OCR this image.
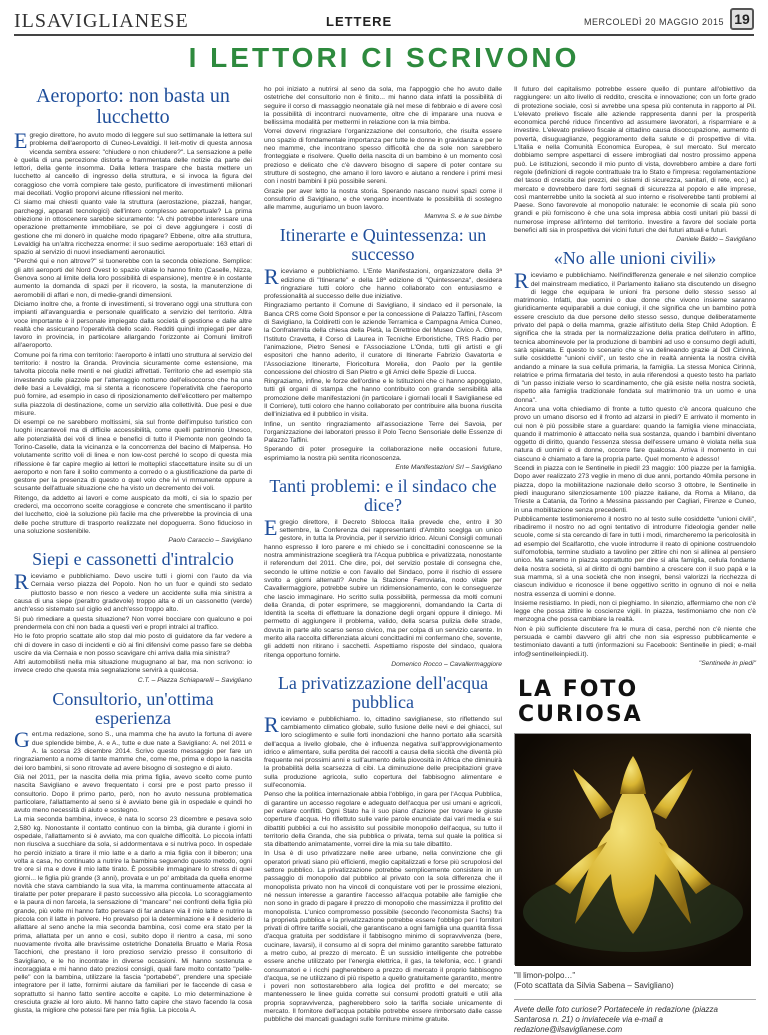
ILSAVIGLIANESE	LETTERE	MERCOLEDÌ 20 MAGGIO 2015 19
I LETTORI CI SCRIVONO
Aeroporto: non basta un lucchetto

Egregio direttore, ho avuto modo di leggere sul suo settimanale la lettera sul problema dell'aeroporto di Cuneo-Levaldigi. Il leit-motiv di questa annosa vicenda sembra essere: "chiudere o non chiudere?". La sensazione a pelle è quella di una percezione distorta e frammentata delle notizie da parte dei lettori, della gente insomma. Dalla lettera traspare che basta mettere un lucchetto al cancello di ingresso della struttura, e si invoca la figura del coraggioso che vorrà compiere tale gesto, purificatore di investimenti milionari mai decollati. Voglio proporvi alcune riflessioni nel merito.

Ci siamo mai chiesti quanto vale la struttura (aerostazione, piazzali, hangar, parcheggi, apparati tecnologici) dell'intero complesso aeroportuale? La prima obiezione in ottoscenere sarebbe sicuramente: "A chi potrebbe interessare una operazione prettamente immobiliare, se poi ci deve aggiungere i costi di gestione che mi donerò in qualche modo ripagare? Ebbene, oltre alla struttura, Levaldigi ha un'altra ricchezza enorme: il suo sedime aeroportuale: 163 ettari di spazio al servizio di nuovi insediamenti aeronautici.

"Perché qui e non altrove?" si tuonerebbe con la seconda obiezione. Semplice: gli altri aeroporti del Nord Ovest lo spazio vitale lo hanno finito (Caselle, Nizza, Genova sono al limite della loro possibilità di espansione), mentre è in costante aumento la domanda di spazi per il ricovero, la sosta, la manutenzione di aeromobili di affari e non, di medie-grandi dimensioni.

Diciamo inoltre che, a fronte di investimenti, si troverano oggi una struttura con impianti all'avanguardia e personale qualificato a servizio del territorio. Altra voce importante è il personale impiegato dalla società di gestione e dalle altre realtà che assicurano l'operatività dello scalo. Redditi quindi impiegati per dare lavoro in provincia, in particolare allargando l'orizzonte ai Comuni limitrofi all'aeroporto.

Comune poi fa rima con territorio: l'aeroporto è infatti uno struttura al servizio del territorio: il nostro la Granda. Provincia sicuramente come estensione, ma talvolta piccola nelle menti e nei giudizi affrettati. Territorio che ad esempio sta investendo sulle piazzole per l'atterraggio notturno dell'elisoccorso che ha una delle basi a Levaldigi, ma si stenta a riconoscere l'operatività che l'aeroporto può fornire, ad esempio in caso di riposizionamento dell'elicottero per maltempo sulla piazzola di destinazione, come un servizio alla collettività. Due pesi e due misure.

Di esempi ce ne sarebbero moltissimi, sia sul fronte dell'impulso turistico con luoghi incantevoli ma di difficile accessibilità, come quelli patrimonio Unesco, alle potenzialità dei voli di linea e benefici di tutto il Piemonte non geolndo fa Torino-Caselle, data la vicinanza e la concorrenza del bacino di Malpensa. Ho volutamente scritto voli di linea e non low-cost perché lo scopo di questa mia riflessione è far capire meglio ai lettori le molteplici sfaccettature insite su di un aeroporto e non fare il solito commento a corredo o a giustificazione da parte di gestore per la presenza di questo o quel volo che ivi vi mmunente oppure a scusante dell'attuale situazione che ha visto un decremento dei voli.

Ritengo, da addetto ai lavori e come auspicato da molti, ci sia lo spazio per crederci, ma occorrono scelte coraggiose e concrete che smentiscano il partito del lucchetto, cioè la soluzione più facile ma che priverebbe la provincia di una delle poche strutture di trasporto realizzate nel dopoguerra. Sono fiducioso in una soluzione sostenibile.

Paolo Caraccio – Savigliano
Siepi e cassonetti d'intralcio

Riceviamo e pubblichiamo. Devo uscire tutti i giorni con l'auto da via Cernaia verso piazza del Popolo. Non ho un fuor e quindi sto sedato piuttosto basso e non riesco a vedere un accidente sulla mia sinistra a causa di una siepe (peraltro gradevole) troppo alta e di un cassonetto (verde) anch'esso sistemato sul ciglio ed anch'esso troppo alto.

Si può rimediare a questa situazione? Non vorrei bocciare con qualcuno e poi prendermela con chi non bada a questi veri e propri intralci al traffico.

Ho le foto proprio scattate allo stop dal mio posto di guidatore da far vedere a chi di dovere in caso di incidenti e ciò ai fini difensivi come passo fare se debba uscire da via Cernaia e non posso scavigare chi arriva dalla mia sinistra?

Altri automobilisti nella mia situazione mugugnano al bar, ma non scrivono: io invece credo che questa mia segnalazione servirà a qualcosa.

C.T. – Piazza Schiaparelli – Savigliano
Consultorio, un'ottima esperienza

Gent.ma redazione, sono S., una mamma che ha avuto la fortuna di avere due splendide bimbe, A. e A., tutte e due nate a Savigliano: A. nel 2011 e A. la scorsa 23 dicembre 2014. Scrivo questo messaggio per fare un ringraziamento a nome di tante mamme che, come me, prima e dopo la nascita dei loro bambini, si sono ritrovate ad avere bisogno di sostegno e di aiuto.

Già nel 2011, per la nascita della mia prima figlia, avevo scelto come punto nascita Savigliano e avevo frequentato i corsi pre e post parto presso il consultorio. Dopo il primo parto, però, non ho avuto nessuna problematica particolare, l'allattamento al seno si è avviato bene già in ospedale e quindi ho avuto meno necessità di aiuto e sostegno.

La mia seconda bambina, invece, è nata lo scorso 23 dicembre e pesava solo 2,580 kg. Nonostante il contatto continuo con la bimba, già durante i giorni in ospedale, l'allattamento si è avviato, ma con qualche difficoltà. Lo piccola infatti non riusciva a succhiare da sola, si addormentava e si nutriva poco. In ospedale ho perciò iniziato a tirare il mio latte e a darlo a mia figlia con il biberon; una volta a casa, ho continuato a nutrire la bambina seguendo questo metodo, ogni tre ore sì ma e dove il mio latte tirato. È possibile immaginare lo stress di quei giorni... le figlia più grande (3 anni), provata e un po' ambitada da quella enorme novità che stava cambiando la sua vita, la mamma continuamente attaccata al tiralatte per poter preparare il pasto successivo alla piccola. Lo scoraggiamento e la paura di non farcela, la sensazione di "mancare" nei confronti della figlia più grande, più volte mi hanno fatto pensare di far andare via il mio latte e nutrire la piccola con il latte in polvere. Ho prevalso poi la determinazione e il desiderio di allattare al seno anche la mia seconda bambina, così come era stato per la prima, allattata per un anno e così, subito dopo il rientro a casa, mi sono nuovamente rivolta alle bravissime ostetriche Donatella Bruatto e Maria Rosa Tacchioni, che prestano il loro prezioso servizio presso il consultorio di Savigliano, e le ho incontrate in diverse occasioni. Mi hanno sostenuta e incoraggiata e mi hanno dato preziosi consigli, quali fare molto contatto "pelle-pelle" con la bambina, utilizzare la fascia "portabebé", prendere una speciale integratore per il latte, fornirmi aiutare da familiari per le faccende di casa e soprattutto si hanno fatto sentire accolte e capite. Lo mio determinazione è cresciuta grazie al loro aiuto. Mi hanno fatto capire che stavo facendo la cosa giusta, la migliore che potessi fare per mia figlia. La piccola A.

ho poi iniziato a nutrirsi al seno da sola, ma l'appoggio che ho avuto dalle ostetriche del consultorio non è finito... mi hanno data infatti la possibilità di seguire il corso di massaggio neonatale già nel mese di febbraio e di avere così la possibilità di incontrarci nuovamente, oltre che di imparare una nuova e bellissima modalità per mettermi in relazione con la mia bimba.

Vorrei dovervi ringraziare l'organizzazione del consultorio, che risulta essere uno spazio di fondamentale importanza per tutte le donne in gravidanza e per le neo mamme, che incontrano spesso difficoltà che da sole non sarebbero fronteggiate e risolvere. Quello della nascita di un bambino è un momento così prezioso e delicato che c'è davvero bisogno di sapere di poter contare su strutture di sostegno, che amano il loro lavoro e aiutano a rendere i primi mesi con i nostri bambini il più possibile sereni.

Grazie per aver letto la nostra storia. Sperando nascano nuovi spazi come il consultorio di Savigliano, e che vengano incentivate le possibilità di sostegno alle mamme, auguriamo un buon lavoro.

Mamma S. e le sue bimbe
Itinerarte e Quintessenza: un successo

Riceviamo e pubblichiamo. L'Ente Manifestazioni, organizzatore della 3ª edizione di "Itinerarte" e della 18ª edizione di "Quintessenza", desidera ringraziare tutti coloro che hanno collaborato con entusiasmo e professionalità al successo delle due iniziative.

Ringraziamo pertanto il Comune di Savigliano, il sindaco ed il personale, la Banca CRS come Gold Sponsor e per la concessione di Palazzo Taffini, l'Ascom di Savigliano, la Coldiretti con le aziende Terramica e Campagna Amica Cuneo, la Confraternita della chiesa della Pietà, la Direttrice del Museo Civico A. Olmo, l'Istituto Cravetta, il Corso di Laurea in Tecniche Erboristiche, TRS Radio per l'animazione, Pietro Senesi e l'Associazione L'Onda, tutti gli artisti e gli espositori che hanno aderito, il curatore di Itinerarte Fabrizio Gavatorta e l'Associazione Itinerarte, Floricoltura Morelia, don Paolo per la gentile concessione del chiostro di San Pietro e gli Amici delle Spezie di Lucca.

Ringraziamo, infine, le forze dell'ordine e le Istituzioni che ci hanno appoggiato, tutti gli organi di stampa che hanno contribuito con grande sensibilità alla promozione delle manifestazioni (in particolare i giornali locali Il Saviglianese ed Il Corriere), tutti coloro che hanno collaborato per contribuire alla buona riuscita dell'iniziativa ed il pubblico in visita.

Infine, un sentito ringraziamento all'associazione Terre dei Savoia, per l'organizzazione dei laboratori presso il Polo Tecno Sensoriale delle Essenze di Palazzo Taffini.

Sperando di poter proseguire la collaborazione nelle occasioni future, esprimiamo la nostra più sentita riconoscenza.

Ente Manifestazioni Srl – Savigliano
Tanti problemi: e il sindaco che dice?

Egregio direttore, il Decreto Sblocca Italia prevede che, entro il 30 settembre, la Conferenza dei rappresentanti d'Ambito sceglga un unico gestore, in tutta la Provincia, per il servizio idrico. Alcuni Consigli comunali hanno espresso il loro parere e mi chiedo se i concittadini conoscenne se la nostra amministrazione sceglierà tra l'Acqua pubblica e privatizzata, nonostante il referendum del 2011. Che dire, poi, del servizio postale di consegna che, secondo le ultime notizie e con l'avallo del Sindaco, porre il rischio di essere svolto a giorni alternati? Anche la Stazione Ferroviaria, nodo vitale per Cavallermaggiore, potrebbe subire un ridimensionamento, con le conseguenze che lascio immaginare. Ho scritto sulla possibilità, permessa da molti comuni della Granda, di poter esprimere, se maggiorenni, domandando la Carta di Identità la scelta di effettuare la donazione degli organi oppure il diniego. Mi permetto di aggiungere il problema, valido, della scarsa pulizia delle strade, dovuta in parte allo scarso senso civico, ma per colpa di un servizio carente. In merito alla raccolta differenziata alcuni concittadini mi confermano che, sovente, gli addetti non ritirano i sacchetti. Aspettiamo risposte del sindaco, qualora ritenga opportuno fornirle.

Domenico Rocco – Cavallermaggiore
La privatizzazione dell'acqua pubblica

Riceviamo e pubblichiamo. Io, cittadino saviglianese, sto riflettendo sul cambiamento climatico globale, sullo fusione delle nevi e dei ghiacci, sul loro scioglimento e sulle forti inondazioni che hanno portato alla scarsità dell'acqua a livello globale, che è influenza negativa sull'approvvigionamento idrico e alimentare, sulla perdita dei raccolti a causa della siccità che diventà più frequente nei prossimi anni e sull'aumento della piovosità in Africa che diminuirà la probabilità della scarsezza di cibi. La diminuzione delle precipitazioni grave sulla produzione agricola, sullo copertura del fabbisogno alimentare e sull'economia.

Penso che la politica internazionale abbia l'obbligo, in gara per l'Acqua Pubblica, di garantire un accesso regolare e adeguato dell'acqua per usi umani e agricoli, per evitare conflitti. Ogni Stato ha il suo piano d'azione per trovare le giuste coperture d'acqua. Ho riflettuto sulle varie parole enunciate dai vari media e sui dibattiti pubblici a cui ho assistito sul possibile monopolio dell'acqua, su tutto il territorio della Granda, che sia pubblica o privata, tema sul quale la politica si sta dibattendo animatamente, vorrei dire la mia su tale dibattito.

In Usa è di uso privatizzare nelle aree urbane, nella convinzione che gli operatori privati siano più efficienti, meglio capitalizzati e forse più scrupolosi del settore pubblico. La privatizzazione potrebbe semplicemente consistere in un passaggio di monopolio dal pubblico al privato con la sola differenza che il monopolista privato non ha vincoli di conquistare voti per le prossime elezioni, né nessun interesse a garantire l'accesso all'acqua potabile alle famiglie che non sono in grado di pagare il prezzo di monopolio che massimizza il profitto del monopolista. L'unico compromesso possibile (secondo l'economista Sachs) fra la proprietà pubblica e la privatizzazione potrebbe essere l'obbligo per i fornitori privati di offrire tariffe sociali, che garantiscano a ogni famiglia una quantità fissa d'acqua gratuita per soddisfare il fabbisogno minimo di sopravvivenza (bere, cucinare, lavarsi), il consumo al di sopra del minimo garantito sarebbe fatturato a metro cubo, al prezzo di mercato. È un sussidio intelligente che potrebbe essere anche utilizzato per l'energia elettrica, il gas, la telefonia, ecc. I grandi consumatori e i ricchi pagherebbero a prezzo di mercato il proprio fabbisogno d'acqua, se ne utilizzano di più rispetto a quello gratuitamente garantito, mentre i poveri non sottostarebbero alla logica del profitto e del mercato; se mantenessero le linee guida corrette sui consumi prodotti gratuiti e utili alla propria sopravvivenza, pagherebbero solo la tariffa sociale unicamente di mercato. Il fornitore dell'acqua potabile potrebbe essere rimborsato dalle casse pubbliche dei mancati guadagni sulle forniture minime gratuite.

Il futuro del capitalismo potrebbe essere quello di puntare all'obiettivo da raggiungere: un alto livello di reddito, crescita e innovazione; con un forte grado di protezione sociale, così si avrebbe una spesa più contenuta in rapporto al Pil. L'elevato prelievo fiscale alle aziende rappresenta danni per la prosperità economica perché riduce l'incentivo ad assumere lavoratori, a risparmiare e a investire. L'elevato prelievo fiscale al cittadino causa disoccupazione, aumento di povertà, disuguaglianze, peggioramento della salute e di prospettive di vita. L'Italia e nella Comunità Economica Europea, è sul mercato. Sul mercato dobbiamo sempre aspettarci di essere imbrogliati dal nostro prossimo appena può. Le istituzioni, secondo il mio punto di vista, dovrebbero ambire a dare forti regole (definizioni di regole contrattuale tra lo Stato e l'impresa: regolamentazione del tasso di crescita dei prezzi, dei sistemi di sicurezza, sanitari, di rete, ecc.) al mercato e dovrebbero dare forti segnali di sicurezza al popolo e alle imprese, così manterrebbe unito la società al suo interno e risolverebbe tanti problemi al Paese. Sono favorevole al monopolio naturale: le economie di scala più sono grandi e più forniscono è che una sola impresa abbia costi unitari più bassi di numerose imprese all'interno del territorio. Investire a favore del sociale porta benefici alti sia in prospettiva dei vicini futuri che dei futuri attuali e futuri.

Daniele Baldo – Savigliano
«No alle unioni civili»

Riceviamo e pubblichiamo. Nell'indifferenza generale e nel silenzio complice del mainstream mediatico, il Parlamento italiano sta discutendo un disegno di legge che equipara le unioni fra persone dello stesso sesso al matrimonio. Infatti, due uomini o due donne che vivono insieme saranno giuridicamente equiparabili a due coniugi, il che significa che un bambino potrà essere cresciuto da due persone dello stesso sesso, dunque deliberatamente privato del papà o della mamma, grazie all'istituto della Step Child Adoption. È significa che la strada per la normalizzazione della pratica dell'utero in affitto, tecnica abominevole per la produzione di bambini ad uso e consumo degli adulti, sarà spianata. E questo lo scenario che si va delineando grazie al Ddl Cirinnà, sulle cosiddette "unioni civili", un testo che in realtà annienta la nostra civiltà andando a minare la sua cellula primaria, la famiglia. La stessa Monica Cirinnà, relatrice e prima firmataria del testo, in aula riferendosi a questo testo ha parlato di "un passo iniziale verso lo scardinamento, che già esiste nella nostra società, rispetto alla famiglia tradizionale fondata sul matrimonio tra un uomo e una donna".

Ancora una volta chiediamo di fronte a tutto questo c'è ancora qualcuno che provo un umano disorso ed il fronto ad alzarsi in piedi? E arrivato il momento in cui non è più possibile stare a guardare: quando la famiglia viene minacciata, quando il matrimonio è attaccato nella sua sostanza, quando i bambini diventano oggetto di diritto, quando l'essenza stessa dell'essere umano è violata nella sua natura di uomini e di donne, occorre fare qualcosa. Arriva il momento in cui ciascuno è chiamato a fare la propria parte. Quel momento è adesso!

Scendi in piazza con le Sentinelle in piedi! 23 maggio: 100 piazze per la famiglia. Dopo aver realizzato 273 veglie in meno di due anni, portando 40mila persone in piazza, dopo la mobilitazione nazionale dello scorso 3 ottobre, le Sentinelle in piedi inaugurano silenziosamente 100 piazze italiane, da Roma a Milano, da Trieste a Catania, da Torino a Messina passando per Cagliari, Firenze e Cuneo, in una mobilitazione senza precedenti.

Pubblicamente testimonieremo il nostro no al testo sulle cosiddette "unioni civili", ribadiremo il nostro no ad ogni tentativo di introdurre l'ideologia gender nelle scuole, come si sta cercando di fare in tutti i modi, rimarcheremo la pericolosità in ad esempio del Scalfarotto, che vuole introdurre il reato di opinione costruendolo sull'omofobia, termine studiato a tavolino per zittire chi non si allinea al pensiero unico. Ma saremo in piazza soprattutto per dire sì alla famiglia, cellula fondante della nostra società, sì al diritto di ogni bambino a crescere con il suo papà e la sua mamma, sì a una società che non insegni, bensì valorizzi la ricchezza di ciascun individuo e riconosce il bene oggettivo scritto in ognuno di noi e nella nostra essenza di uomini e donne.

Insieme resistiamo. In piedi, non ci pieghiamo. In silenzio, affermiamo che non c'è legge che possa zittire le coscienze vigili. In piazza, testimoniamo che non c'è menzogna che possa cambiare la realtà.

Non è più sufficiente discutere fra le mura di casa, perché non c'è niente che persuada e cambi davvero gli altri che non sia espresso pubblicamente e testimoniato davanti a tutti (informazioni su Facebook: Sentinelle in piedi; e-mail info@sentinelleinpiedi.it).

"Sentinelle in piedi"
LA FOTO CURIOSA
"Il limon-polpo…"
(Foto scattata da Silvia Sabena – Savigliano)
Avete delle foto curiose? Portatecele in redazione (piazza Santarosa n. 21) o inviatecele via e-mail a redazione@ilsaviglianese.com
